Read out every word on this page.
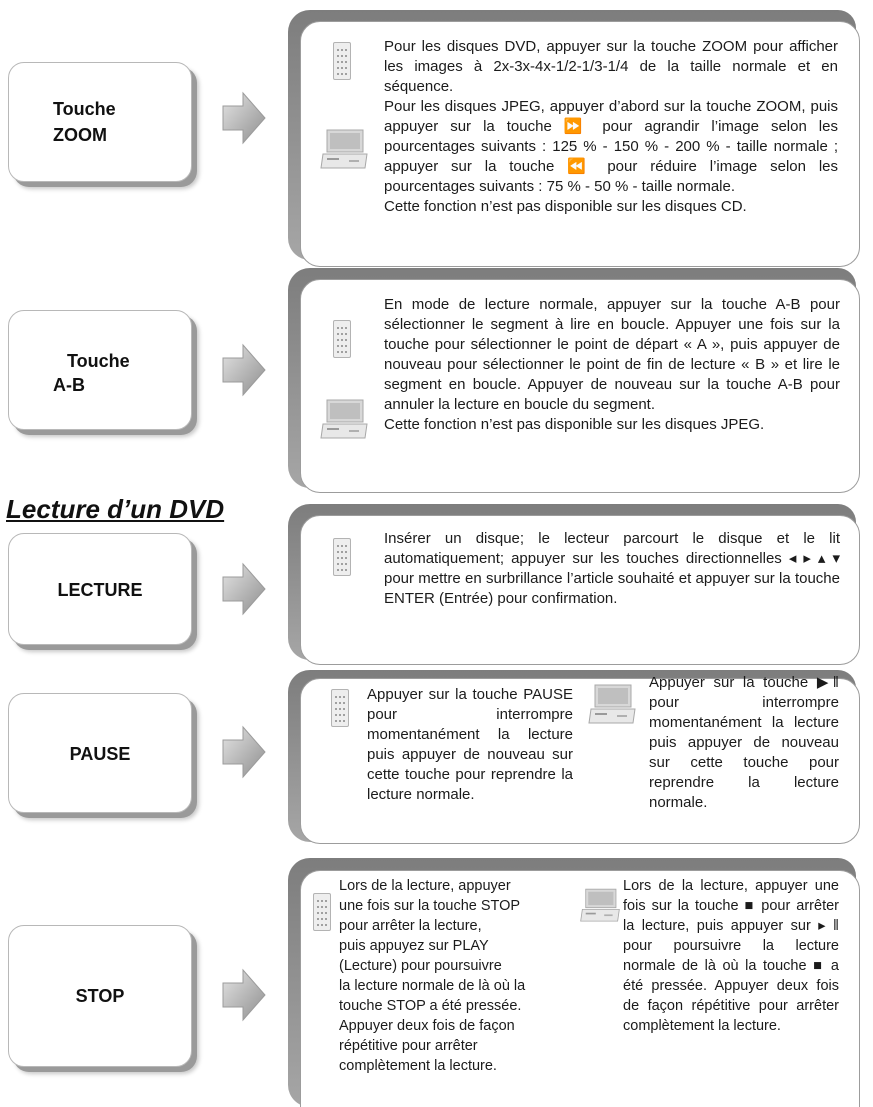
Touche
ZOOM

Pour les disques DVD, appuyer sur la touche ZOOM pour afficher les images à 2x-3x-4x-1/2-1/3-1/4 de la taille normale et en séquence.

Pour les disques JPEG, appuyer d’abord sur la touche ZOOM, puis appuyer sur la touche ⏩ pour agrandir l’image selon les pourcentages suivants : 125 % - 150 % - 200 % - taille normale ; appuyer sur la touche ⏪ pour réduire l’image selon les pourcentages suivants : 75 % - 50 % - taille normale.

Cette fonction n’est pas disponible sur les disques CD.

Touche
A-B

En mode de lecture normale, appuyer sur la touche A-B pour sélectionner le segment à lire en boucle. Appuyer une fois sur la touche pour sélectionner le point de départ « A », puis appuyer de nouveau pour sélectionner le point de fin de lecture « B » et lire le segment en boucle. Appuyer de nouveau sur la touche A-B pour annuler la lecture en boucle du segment.

Cette fonction n’est pas disponible sur les disques JPEG.

Lecture d’un DVD
LECTURE

Insérer un disque; le lecteur parcourt le disque et le lit automatiquement; appuyer sur les touches directionnelles ◂ ▸ ▴ ▾ pour mettre en surbrillance l’article souhaité et appuyer sur la touche ENTER (Entrée) pour confirmation.

PAUSE
Appuyer sur la touche PAUSE pour interrompre momentanément la lecture puis appuyer de nouveau sur cette touche pour reprendre la lecture normale.
Appuyer sur la touche ▶‖ pour interrompre momentanément la lecture puis appuyer de nouveau sur cette touche pour reprendre la lecture normale.
STOP

Lors de la lecture, appuyer

une fois sur la touche STOP

pour arrêter la lecture,

puis appuyez sur PLAY

(Lecture) pour poursuivre

la lecture normale de là où la

touche STOP a été pressée.

Appuyer deux fois de façon

répétitive pour arrêter

complètement la lecture.

Lors de la lecture, appuyer une fois sur la touche ■ pour arrêter la lecture, puis appuyer sur ▸ ‖ pour poursuivre la lecture normale de là où la touche ■ a été pressée. Appuyer deux fois de façon répétitive pour arrêter complètement la lecture.
